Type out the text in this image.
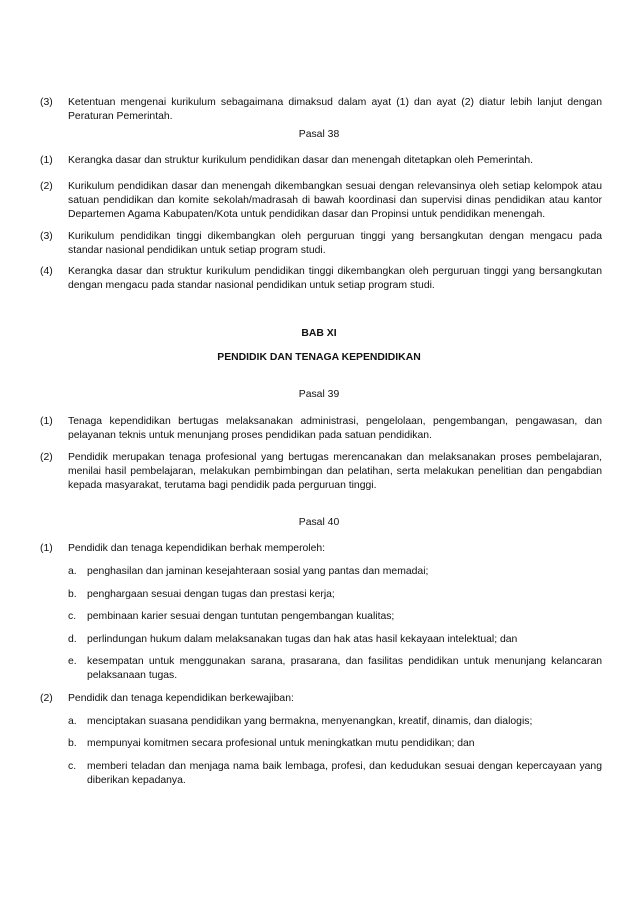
(3)	Ketentuan mengenai kurikulum sebagaimana dimaksud dalam ayat (1) dan ayat (2) diatur lebih lanjut dengan Peraturan Pemerintah.
Pasal 38
(1)	Kerangka dasar dan struktur kurikulum pendidikan dasar dan menengah ditetapkan oleh Pemerintah.
(2)	Kurikulum pendidikan dasar dan menengah dikembangkan sesuai dengan relevansinya oleh setiap kelompok atau satuan pendidikan dan komite sekolah/madrasah di bawah koordinasi dan supervisi dinas pendidikan atau kantor Departemen Agama Kabupaten/Kota untuk pendidikan dasar dan Propinsi untuk pendidikan menengah.
(3)	Kurikulum pendidikan tinggi dikembangkan oleh perguruan tinggi yang bersangkutan dengan mengacu pada standar nasional pendidikan untuk setiap program studi.
(4)	Kerangka dasar dan struktur kurikulum pendidikan tinggi dikembangkan oleh perguruan tinggi yang bersangkutan dengan mengacu pada standar nasional pendidikan untuk setiap program studi.
BAB XI
PENDIDIK DAN TENAGA KEPENDIDIKAN
Pasal 39
(1)	Tenaga kependidikan bertugas melaksanakan administrasi, pengelolaan, pengembangan, pengawasan, dan pelayanan teknis untuk menunjang proses pendidikan pada satuan pendidikan.
(2)	Pendidik merupakan tenaga profesional yang bertugas merencanakan dan melaksanakan proses pembelajaran, menilai hasil pembelajaran, melakukan pembimbingan dan pelatihan, serta melakukan penelitian dan pengabdian kepada masyarakat, terutama bagi pendidik pada perguruan tinggi.
Pasal 40
(1)	Pendidik dan tenaga kependidikan berhak memperoleh:
a. penghasilan dan jaminan kesejahteraan sosial yang pantas dan memadai;
b. penghargaan sesuai dengan tugas dan prestasi kerja;
c.	pembinaan karier sesuai dengan tuntutan pengembangan kualitas;
d. perlindungan hukum dalam melaksanakan tugas dan hak atas hasil kekayaan intelektual; dan
e. kesempatan untuk menggunakan sarana, prasarana, dan fasilitas pendidikan untuk menunjang kelancaran pelaksanaan tugas.
(2)	Pendidik dan tenaga kependidikan berkewajiban:
a. menciptakan suasana pendidikan yang bermakna, menyenangkan, kreatif, dinamis, dan dialogis;
b. mempunyai komitmen secara profesional untuk meningkatkan mutu pendidikan; dan
c.	memberi teladan dan menjaga nama baik lembaga, profesi, dan kedudukan sesuai dengan kepercayaan yang diberikan kepadanya.
